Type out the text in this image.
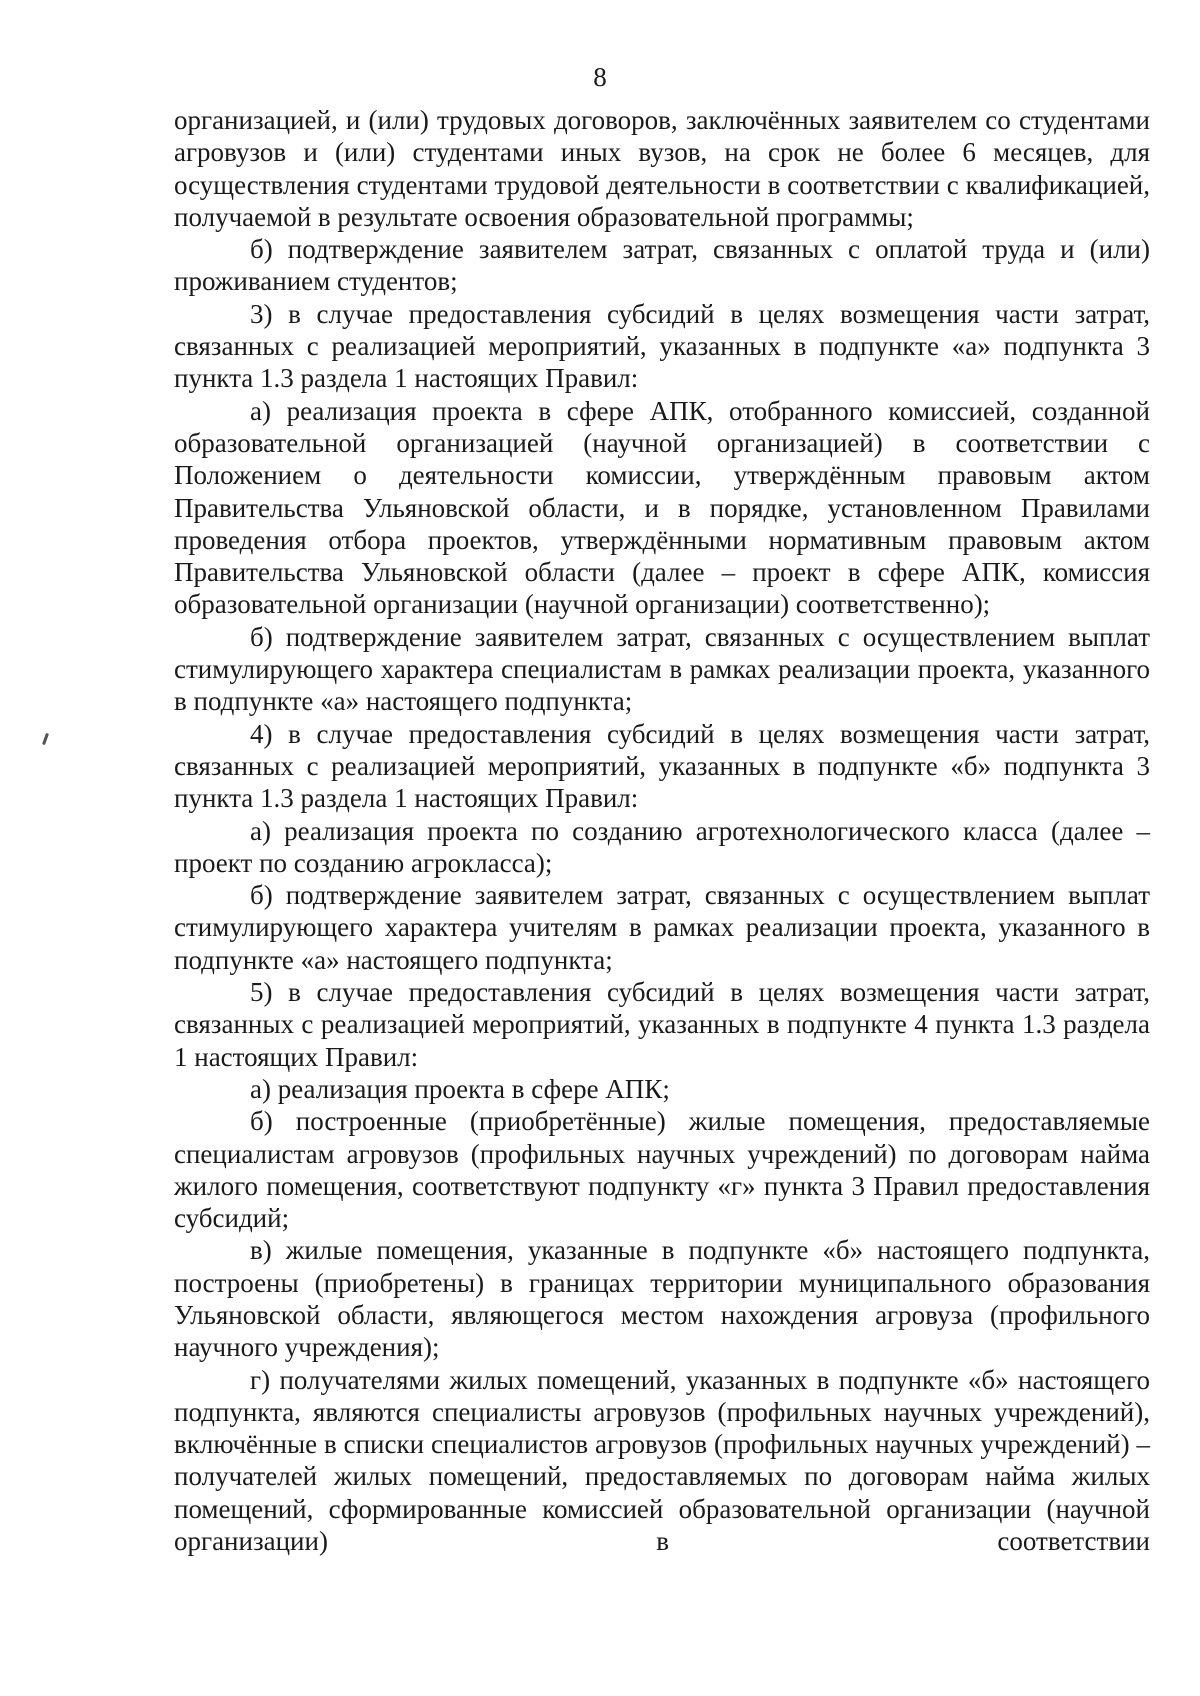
8

организацией, и (или) трудовых договоров, заключённых заявителем со студентами агровузов и (или) студентами иных вузов, на срок не более 6 месяцев, для осуществления студентами трудовой деятельности в соответствии с квалификацией, получаемой в результате освоения образовательной программы;

б) подтверждение заявителем затрат, связанных с оплатой труда и (или) проживанием студентов;

3) в случае предоставления субсидий в целях возмещения части затрат, связанных с реализацией мероприятий, указанных в подпункте «а» подпункта 3 пункта 1.3 раздела 1 настоящих Правил:

а) реализация проекта в сфере АПК, отобранного комиссией, созданной образовательной организацией (научной организацией) в соответствии с Положением о деятельности комиссии, утверждённым правовым актом Правительства Ульяновской области, и в порядке, установленном Правилами проведения отбора проектов, утверждёнными нормативным правовым актом Правительства Ульяновской области (далее – проект в сфере АПК, комиссия образовательной организации (научной организации) соответственно);

б) подтверждение заявителем затрат, связанных с осуществлением выплат стимулирующего характера специалистам в рамках реализации проекта, указанного в подпункте «а» настоящего подпункта;

4) в случае предоставления субсидий в целях возмещения части затрат, связанных с реализацией мероприятий, указанных в подпункте «б» подпункта 3 пункта 1.3 раздела 1 настоящих Правил:

а) реализация проекта по созданию агротехнологического класса (далее – проект по созданию агрокласса);

б) подтверждение заявителем затрат, связанных с осуществлением выплат стимулирующего характера учителям в рамках реализации проекта, указанного в подпункте «а» настоящего подпункта;

5) в случае предоставления субсидий в целях возмещения части затрат, связанных с реализацией мероприятий, указанных в подпункте 4 пункта 1.3 раздела 1 настоящих Правил:

а) реализация проекта в сфере АПК;

б) построенные (приобретённые) жилые помещения, предоставляемые специалистам агровузов (профильных научных учреждений) по договорам найма жилого помещения, соответствуют подпункту «г» пункта 3 Правил предоставления субсидий;

в) жилые помещения, указанные в подпункте «б» настоящего подпункта, построены (приобретены) в границах территории муниципального образования Ульяновской области, являющегося местом нахождения агровуза (профильного научного учреждения);

г) получателями жилых помещений, указанных в подпункте «б» настоящего подпункта, являются специалисты агровузов (профильных научных учреждений), включённые в списки специалистов агровузов (профильных научных учреждений) – получателей жилых помещений, предоставляемых по договорам найма жилых помещений, сформированные комиссией образовательной организации (научной организации) в соответствии
